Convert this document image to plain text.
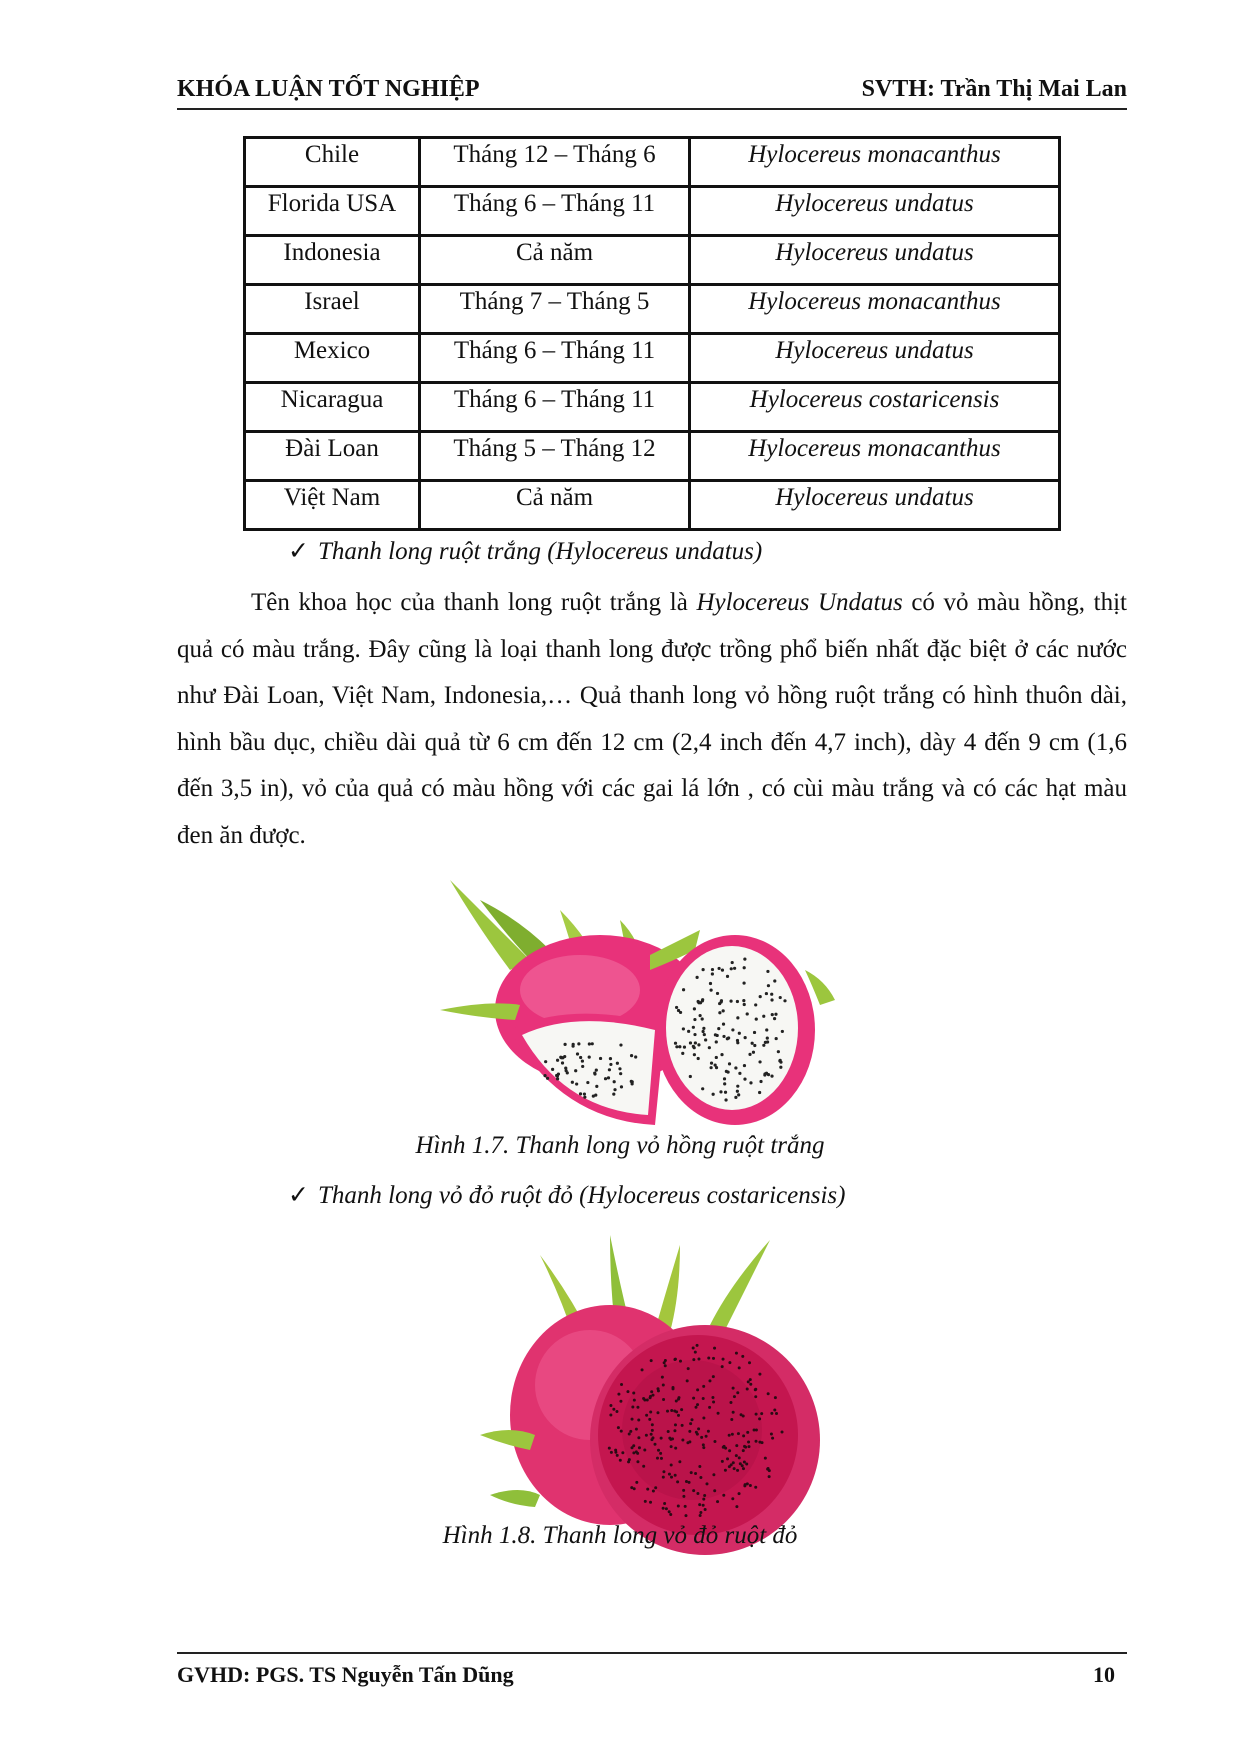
KHÓA LUẬN TỐT NGHIỆP	SVTH: Trần Thị Mai Lan
Chile	Tháng 12 – Tháng 6	Hylocereus monacanthus
Florida USA	Tháng 6 – Tháng 11	Hylocereus undatus
Indonesia	Cả năm	Hylocereus undatus
Israel	Tháng 7 – Tháng 5	Hylocereus monacanthus
Mexico	Tháng 6 – Tháng 11	Hylocereus undatus
Nicaragua	Tháng 6 – Tháng 11	Hylocereus costaricensis
Đài Loan	Tháng 5 – Tháng 12	Hylocereus monacanthus
Việt Nam	Cả năm	Hylocereus undatus
✓ Thanh long ruột trắng (Hylocereus undatus)
Tên khoa học của thanh long ruột trắng là Hylocereus Undatus có vỏ màu hồng, thịt quả có màu trắng. Đây cũng là loại thanh long được trồng phổ biến nhất đặc biệt ở các nước như Đài Loan, Việt Nam, Indonesia,… Quả thanh long vỏ hồng ruột trắng có hình thuôn dài, hình bầu dục, chiều dài quả từ 6 cm đến 12 cm (2,4 inch đến 4,7 inch), dày 4 đến 9 cm (1,6 đến 3,5 in), vỏ của quả có màu hồng với các gai lá lớn , có cùi màu trắng và có các hạt màu đen ăn được.
Hình 1.7. Thanh long vỏ hồng ruột trắng
✓ Thanh long vỏ đỏ ruột đỏ (Hylocereus costaricensis)
Hình 1.8. Thanh long vỏ đỏ ruột đỏ
GVHD: PGS. TS Nguyễn Tấn Dũng	10
